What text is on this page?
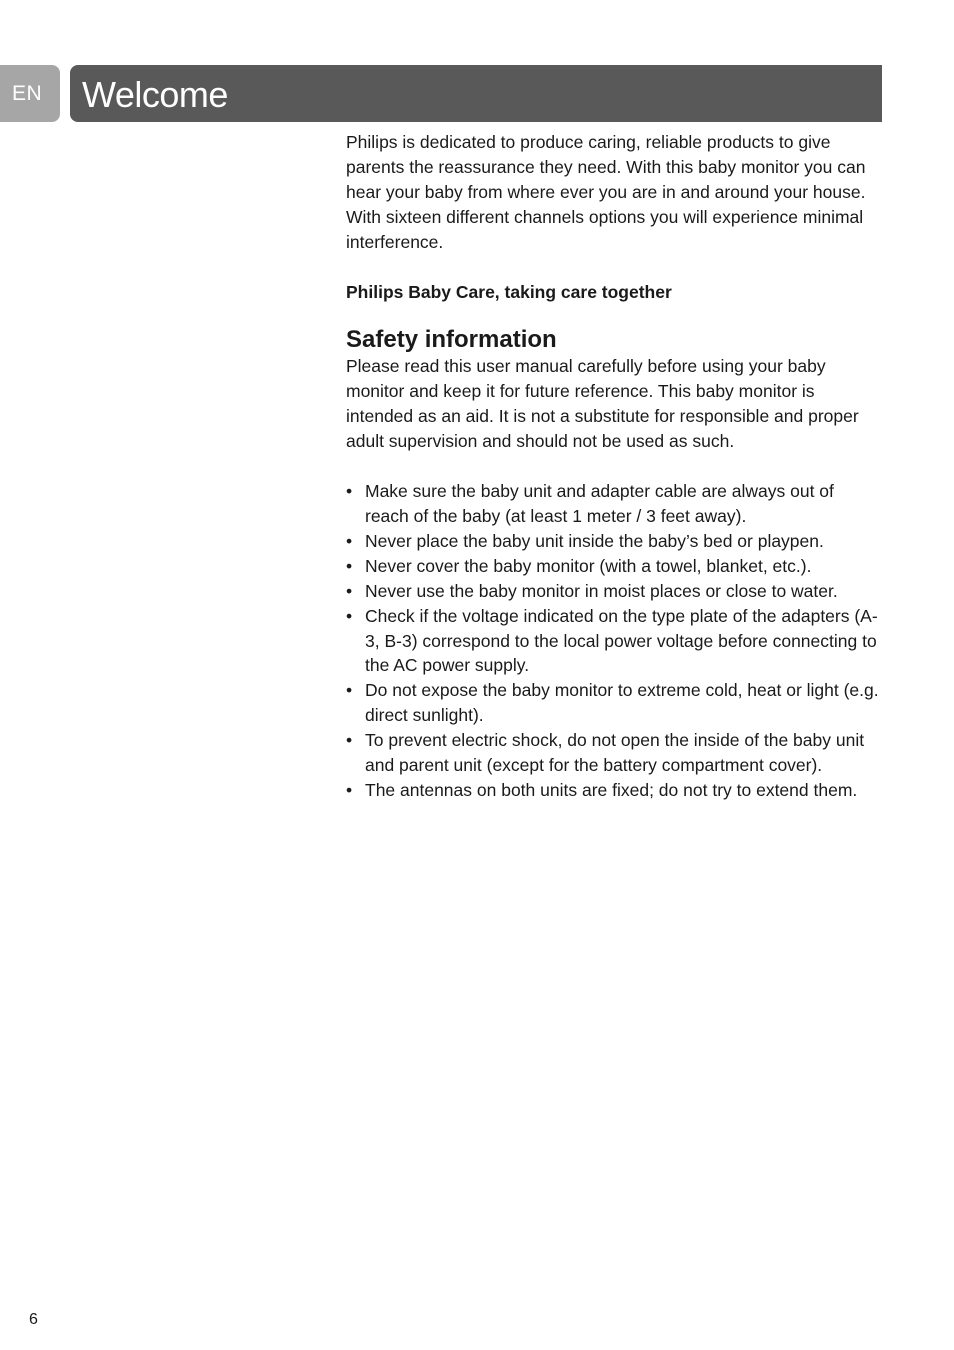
EN	Welcome

Philips is dedicated to produce caring, reliable products to give parents the reassurance they need. With this baby monitor you can hear your baby from where ever you are in and around your house. With sixteen different channels options you will experience minimal interference.

Philips Baby Care, taking care together

Safety information

Please read this user manual carefully before using your baby monitor and keep it for future reference. This baby monitor is intended as an aid. It is not a substitute for responsible and proper adult supervision and should not be used as such.

• Make sure the baby unit and adapter cable are always out of reach of the baby (at least 1 meter / 3 feet away).
• Never place the baby unit inside the baby’s bed or playpen.
• Never cover the baby monitor (with a towel, blanket, etc.).
• Never use the baby monitor in moist places or close to water.
• Check if the voltage indicated on the type plate of the adapters (A-3, B-3) correspond to the local power voltage before connecting to the AC power supply.
• Do not expose the baby monitor to extreme cold, heat or light (e.g. direct sunlight).
• To prevent electric shock, do not open the inside of the baby unit and parent unit (except for the battery compartment cover).
• The antennas on both units are fixed; do not try to extend them.
6
